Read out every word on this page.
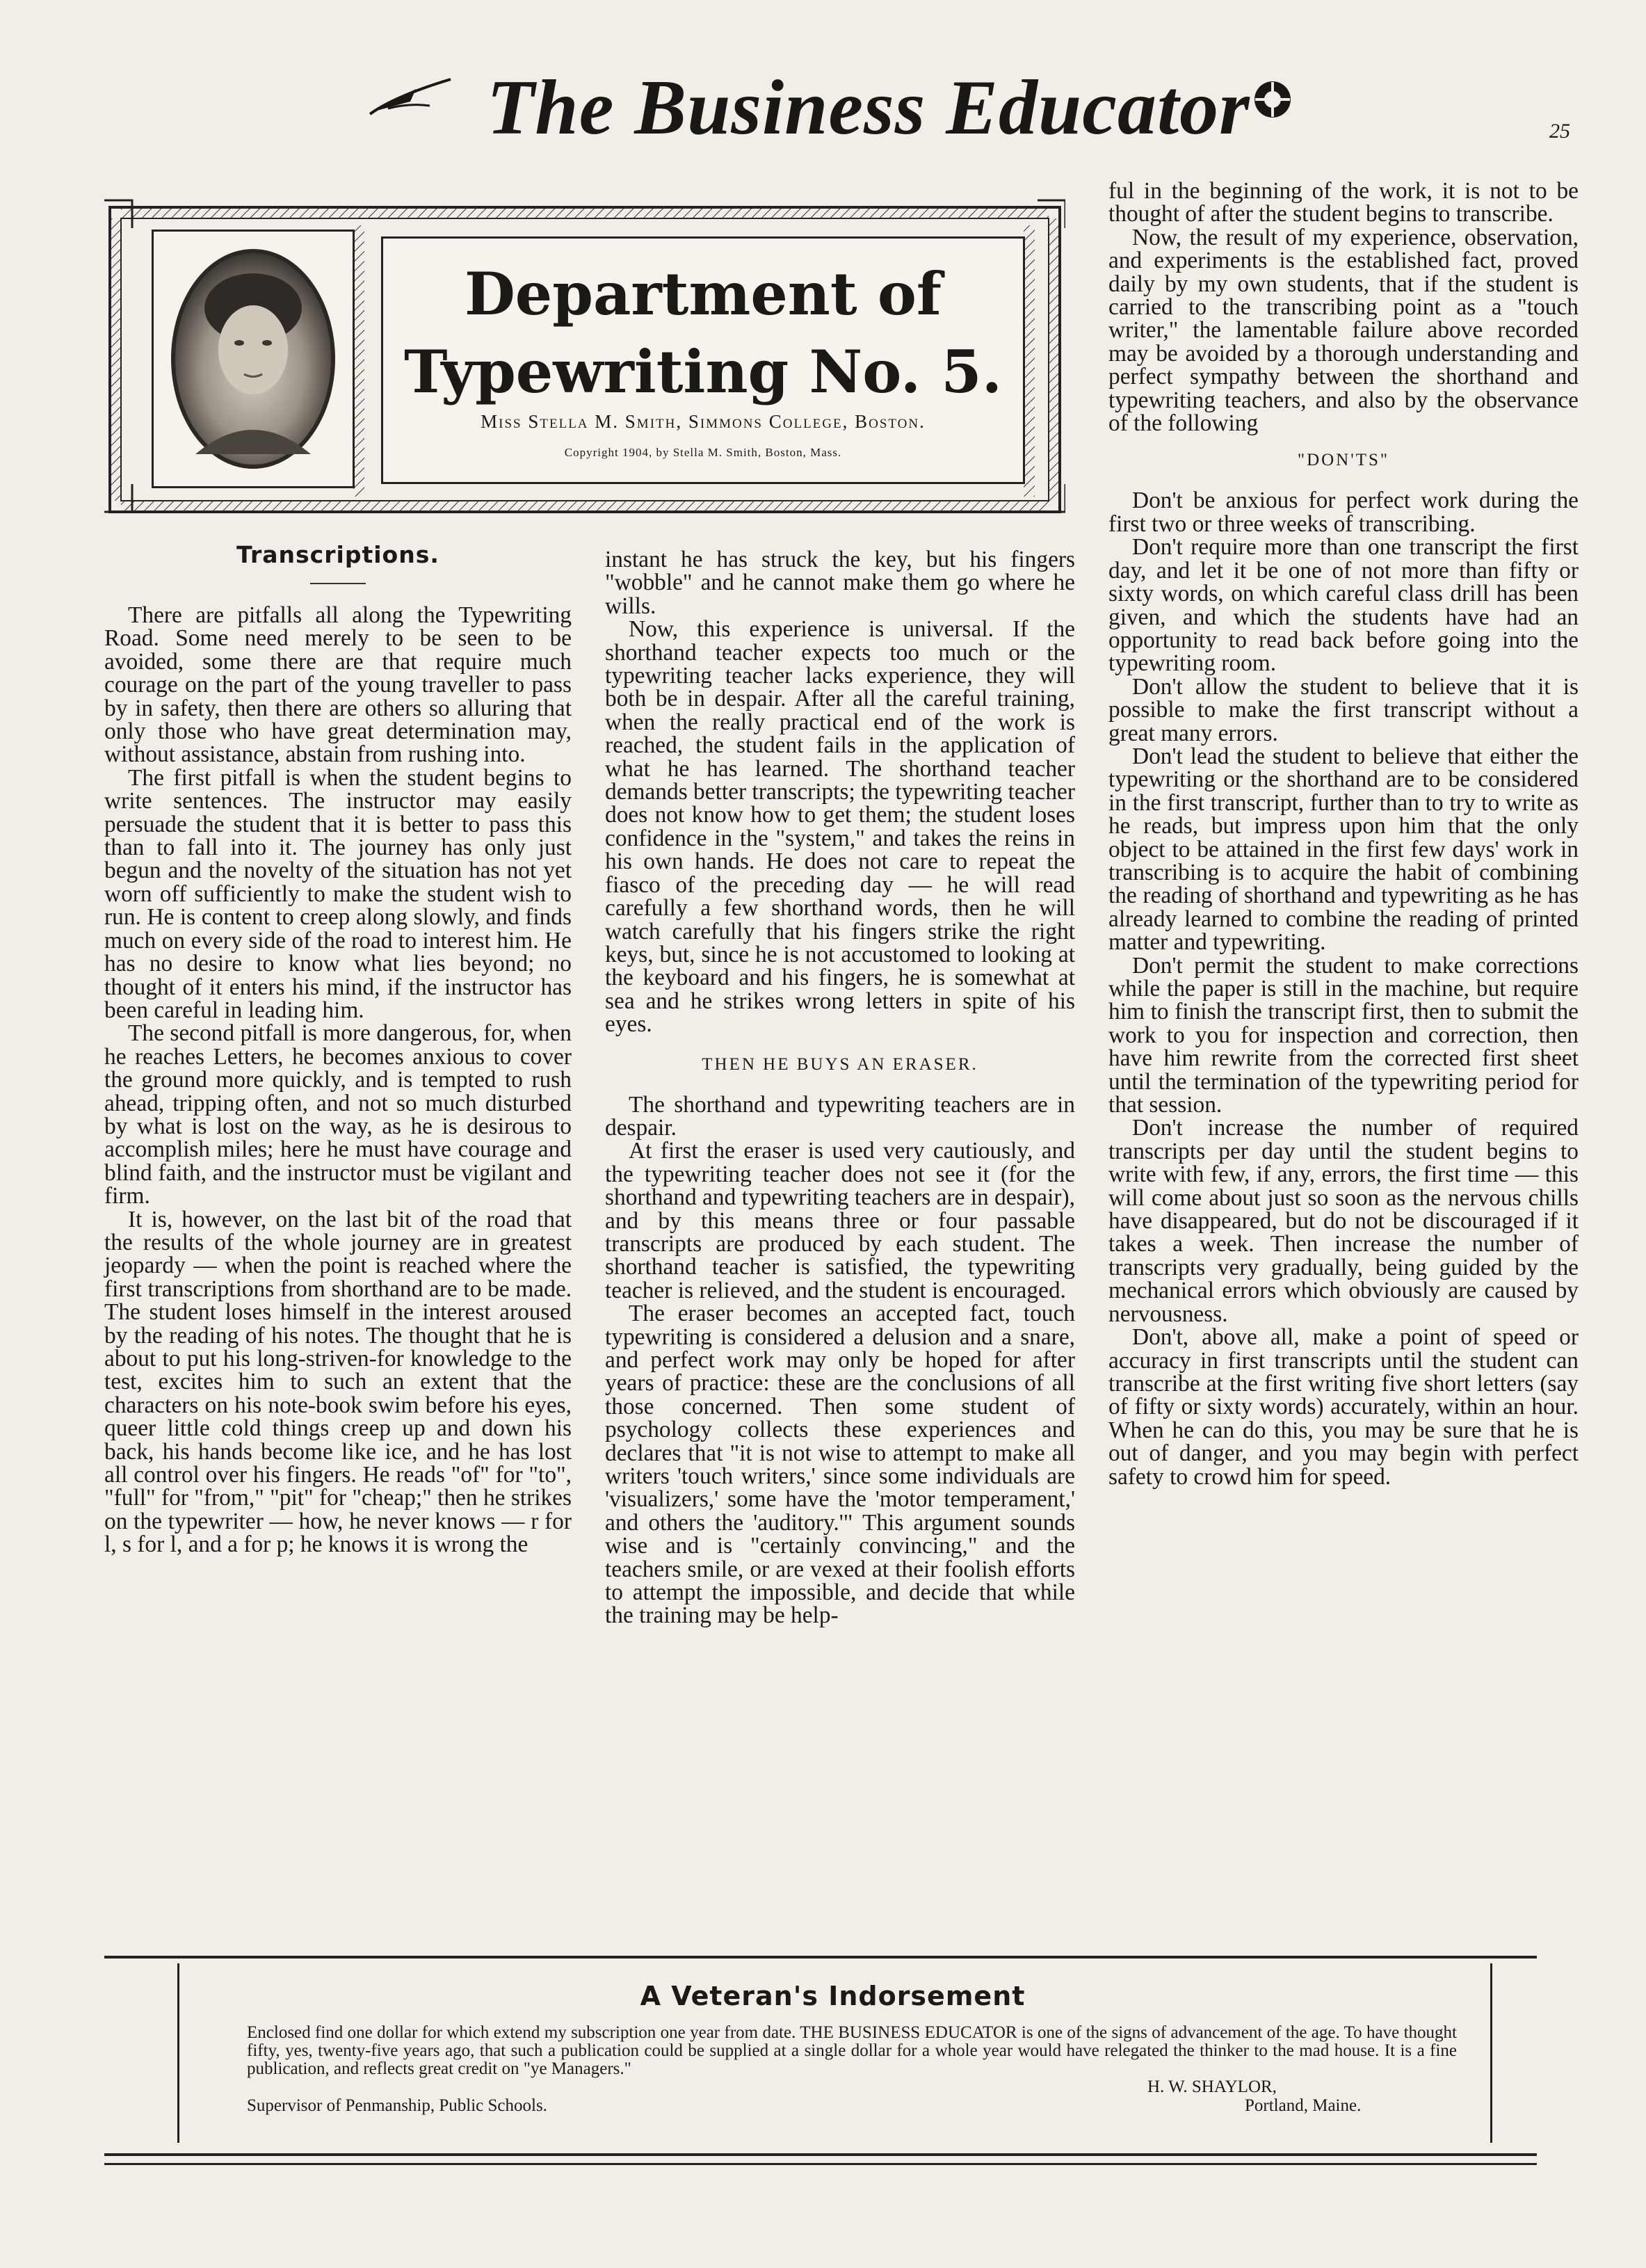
The Business Educator	25
Department of
Typewriting No. 5.
Miss Stella M. Smith, Simmons College, Boston.
Copyright 1904, by Stella M. Smith, Boston, Mass.
Transcriptions.

There are pitfalls all along the Typewriting Road. Some need merely to be seen to be avoided, some there are that require much courage on the part of the young traveller to pass by in safety, then there are others so alluring that only those who have great determination may, without assistance, abstain from rushing into.

The first pitfall is when the student begins to write sentences. The instructor may easily persuade the student that it is better to pass this than to fall into it. The journey has only just begun and the novelty of the situation has not yet worn off sufficiently to make the student wish to run. He is content to creep along slowly, and finds much on every side of the road to interest him. He has no desire to know what lies beyond; no thought of it enters his mind, if the instructor has been careful in leading him.

The second pitfall is more dangerous, for, when he reaches Letters, he becomes anxious to cover the ground more quickly, and is tempted to rush ahead, tripping often, and not so much disturbed by what is lost on the way, as he is desirous to accomplish miles; here he must have courage and blind faith, and the instructor must be vigilant and firm.

It is, however, on the last bit of the road that the results of the whole journey are in greatest jeopardy — when the point is reached where the first transcriptions from shorthand are to be made. The student loses himself in the interest aroused by the reading of his notes. The thought that he is about to put his long-striven-for knowledge to the test, excites him to such an extent that the characters on his note-book swim before his eyes, queer little cold things creep up and down his back, his hands become like ice, and he has lost all control over his fingers. He reads "of" for "to", "full" for "from," "pit" for "cheap;" then he strikes on the typewriter — how, he never knows — r for l, s for l, and a for p; he knows it is wrong the

instant he has struck the key, but his fingers "wobble" and he cannot make them go where he wills.

Now, this experience is universal. If the shorthand teacher expects too much or the typewriting teacher lacks experience, they will both be in despair. After all the careful training, when the really practical end of the work is reached, the student fails in the application of what he has learned. The shorthand teacher demands better transcripts; the typewriting teacher does not know how to get them; the student loses confidence in the "system," and takes the reins in his own hands. He does not care to repeat the fiasco of the preceding day — he will read carefully a few shorthand words, then he will watch carefully that his fingers strike the right keys, but, since he is not accustomed to looking at the keyboard and his fingers, he is somewhat at sea and he strikes wrong letters in spite of his eyes.

THEN HE BUYS AN ERASER.

The shorthand and typewriting teachers are in despair.

At first the eraser is used very cautiously, and the typewriting teacher does not see it (for the shorthand and typewriting teachers are in despair), and by this means three or four passable transcripts are produced by each student. The shorthand teacher is satisfied, the typewriting teacher is relieved, and the student is encouraged.

The eraser becomes an accepted fact, touch typewriting is considered a delusion and a snare, and perfect work may only be hoped for after years of practice: these are the conclusions of all those concerned. Then some student of psychology collects these experiences and declares that "it is not wise to attempt to make all writers 'touch writers,' since some individuals are 'visualizers,' some have the 'motor temperament,' and others the 'auditory.'" This argument sounds wise and is "certainly convincing," and the teachers smile, or are vexed at their foolish efforts to attempt the impossible, and decide that while the training may be help-

ful in the beginning of the work, it is not to be thought of after the student begins to transcribe.

Now, the result of my experience, observation, and experiments is the established fact, proved daily by my own students, that if the student is carried to the transcribing point as a "touch writer," the lamentable failure above recorded may be avoided by a thorough understanding and perfect sympathy between the shorthand and typewriting teachers, and also by the observance of the following

"DON'TS"

Don't be anxious for perfect work during the first two or three weeks of transcribing.

Don't require more than one transcript the first day, and let it be one of not more than fifty or sixty words, on which careful class drill has been given, and which the students have had an opportunity to read back before going into the typewriting room.

Don't allow the student to believe that it is possible to make the first transcript without a great many errors.

Don't lead the student to believe that either the typewriting or the shorthand are to be considered in the first transcript, further than to try to write as he reads, but impress upon him that the only object to be attained in the first few days' work in transcribing is to acquire the habit of combining the reading of shorthand and typewriting as he has already learned to combine the reading of printed matter and typewriting.

Don't permit the student to make corrections while the paper is still in the machine, but require him to finish the transcript first, then to submit the work to you for inspection and correction, then have him rewrite from the corrected first sheet until the termination of the typewriting period for that session.

Don't increase the number of required transcripts per day until the student begins to write with few, if any, errors, the first time — this will come about just so soon as the nervous chills have disappeared, but do not be discouraged if it takes a week. Then increase the number of transcripts very gradually, being guided by the mechanical errors which obviously are caused by nervousness.

Don't, above all, make a point of speed or accuracy in first transcripts until the student can transcribe at the first writing five short letters (say of fifty or sixty words) accurately, within an hour. When he can do this, you may be sure that he is out of danger, and you may begin with perfect safety to crowd him for speed.

A Veteran's Indorsement
Enclosed find one dollar for which extend my subscription one year from date. THE BUSINESS EDUCATOR is one of the signs of advancement of the age. To have thought fifty, yes, twenty-five years ago, that such a publication could be supplied at a single dollar for a whole year would have relegated the thinker to the mad house. It is a fine publication, and reflects great credit on "ye Managers."
H. W. SHAYLOR,
Supervisor of Penmanship, Public Schools.	Portland, Maine.
